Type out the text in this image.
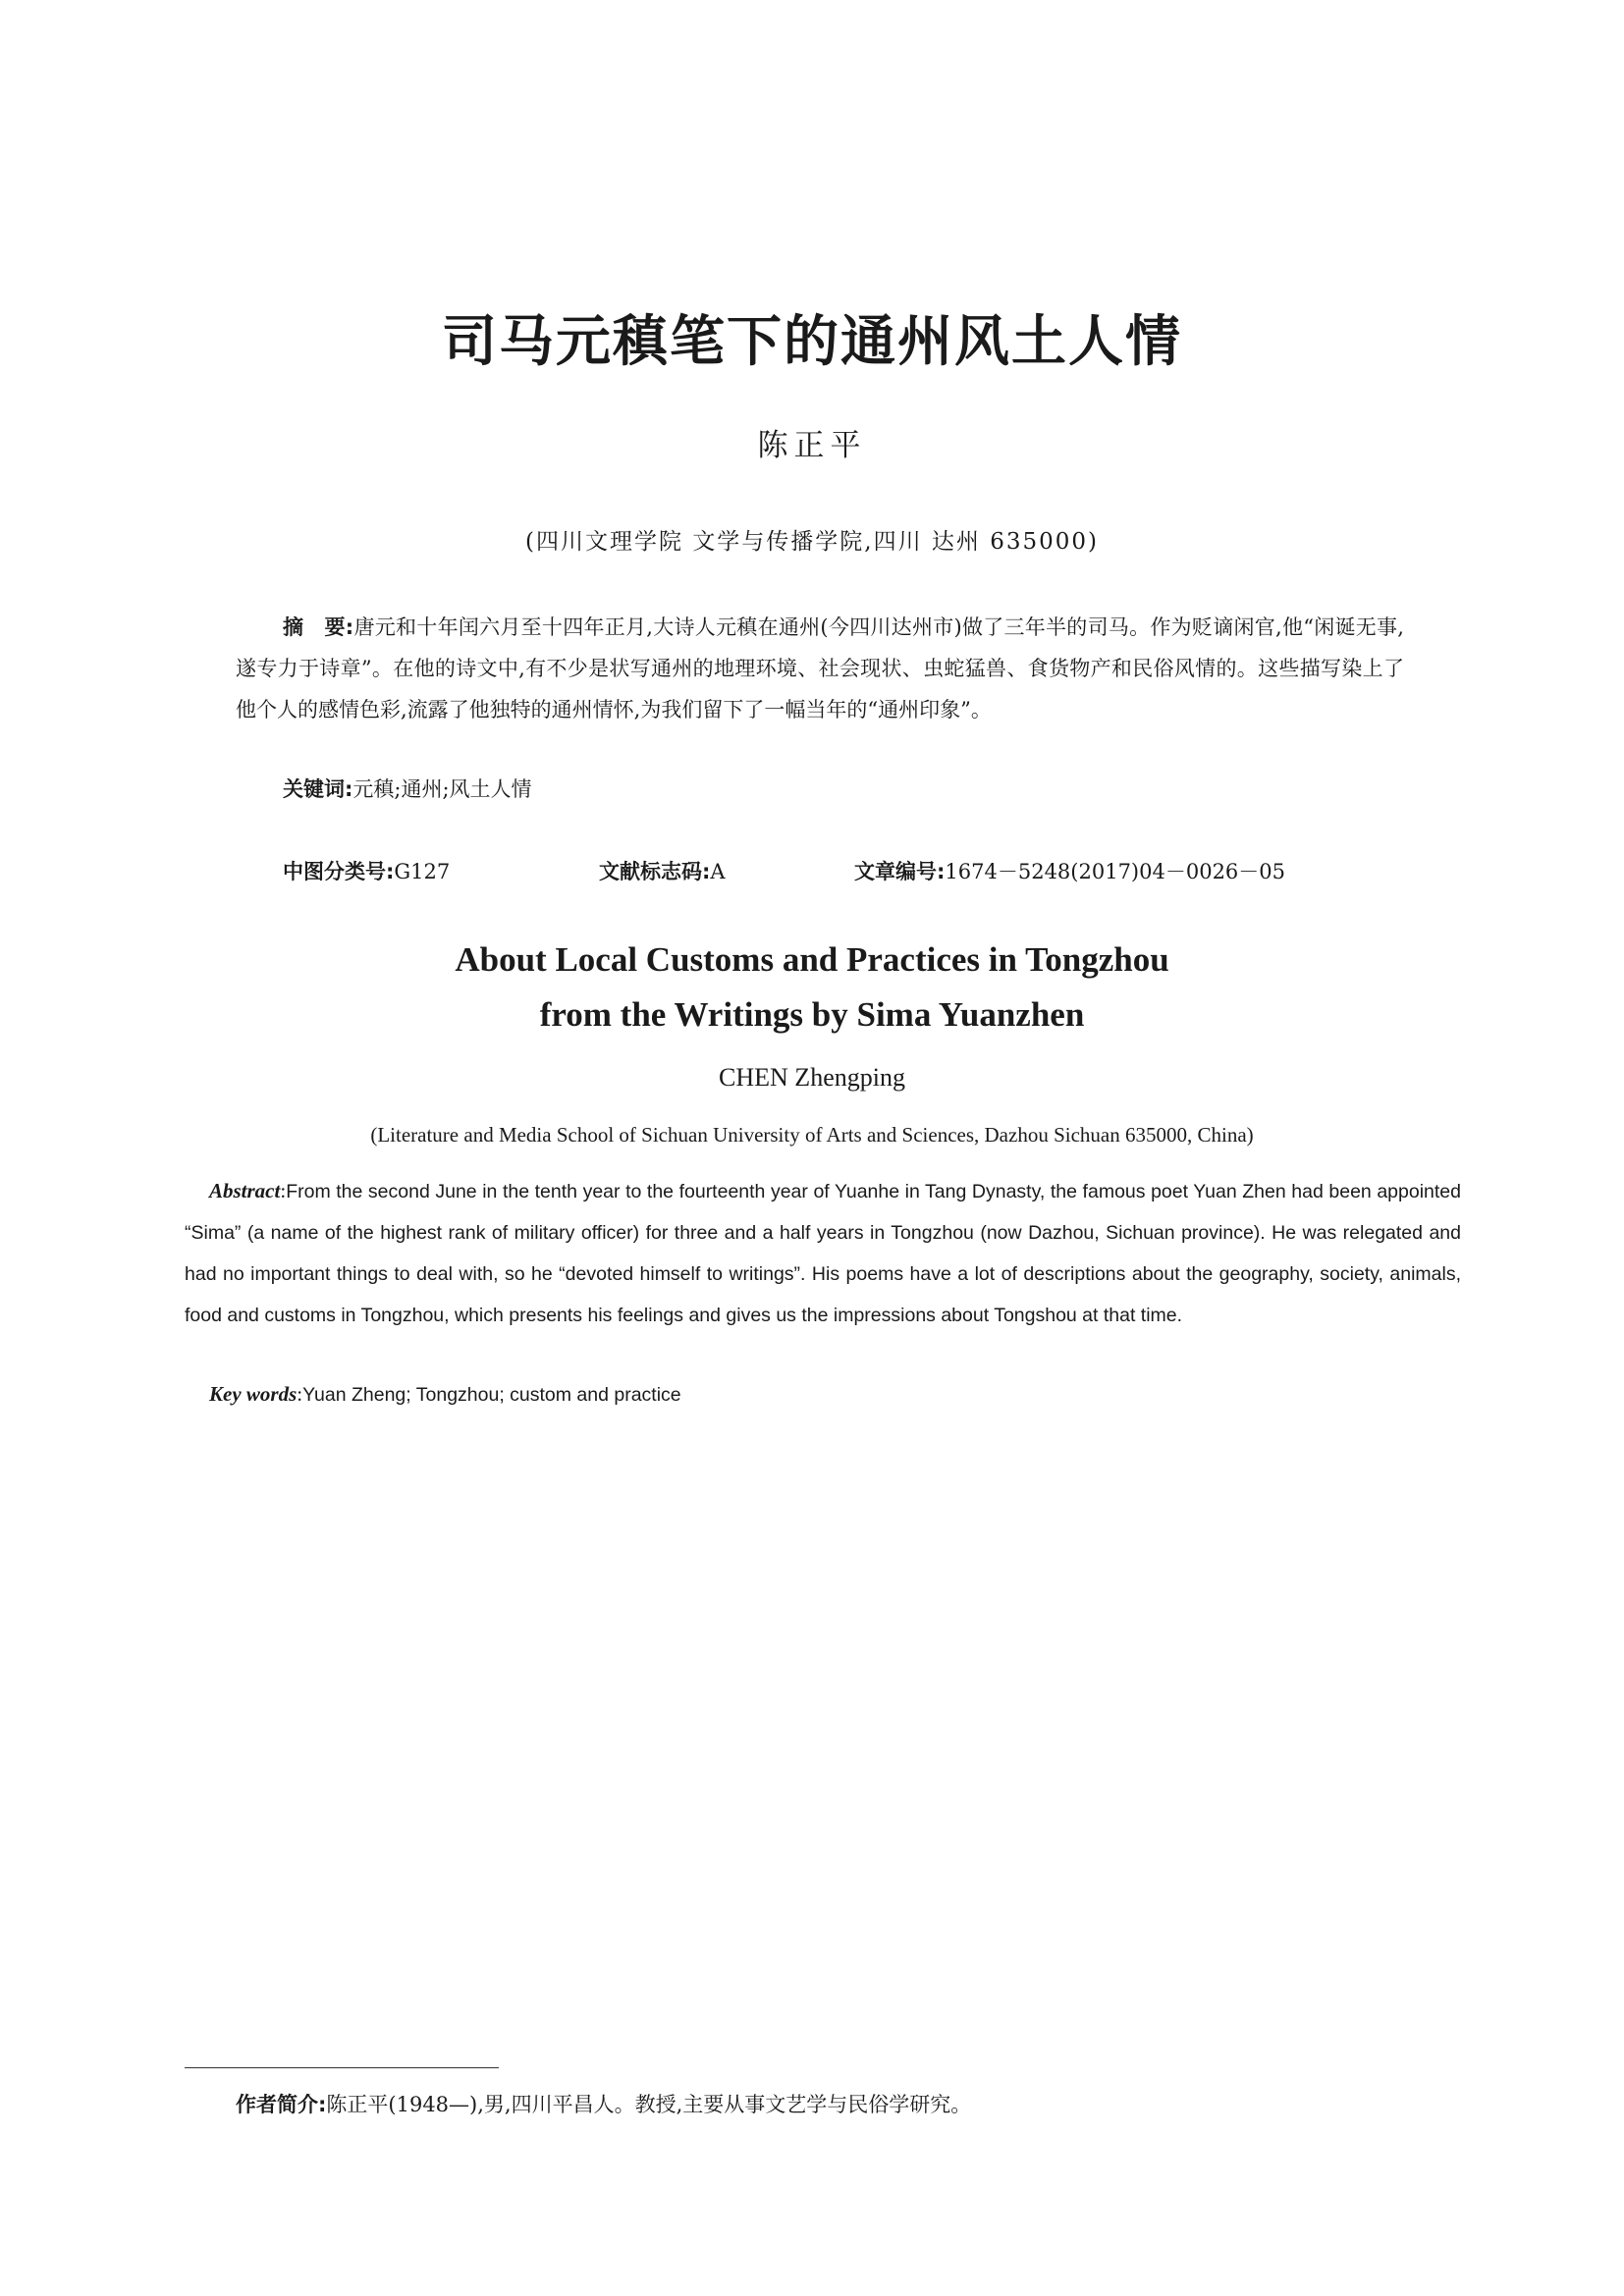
司马元稹笔下的通州风土人情
陈正平
(四川文理学院 文学与传播学院,四川 达州 635000)

摘　要:唐元和十年闰六月至十四年正月,大诗人元稹在通州(今四川达州市)做了三年半的司马。作为贬谪闲官,他“闲诞无事,遂专力于诗章”。在他的诗文中,有不少是状写通州的地理环境、社会现状、虫蛇猛兽、食货物产和民俗风情的。这些描写染上了他个人的感情色彩,流露了他独特的通州情怀,为我们留下了一幅当年的“通州印象”。

关键词:元稹;通州;风土人情

中图分类号:G127	文献标志码:A	文章编号:1674－5248(2017)04－0026－05
About Local Customs and Practices in Tongzhou
from the Writings by Sima Yuanzhen
CHEN Zhengping
(Literature and Media School of Sichuan University of Arts and Sciences, Dazhou Sichuan 635000, China)

Abstract:From the second June in the tenth year to the fourteenth year of Yuanhe in Tang Dynasty, the famous poet Yuan Zhen had been appointed “Sima” (a name of the highest rank of military officer) for three and a half years in Tongzhou (now Dazhou, Sichuan province). He was relegated and had no important things to deal with, so he “devoted himself to writings”. His poems have a lot of descriptions about the geography, society, animals, food and customs in Tongzhou, which presents his feelings and gives us the impressions about Tongshou at that time.

Key words:Yuan Zheng; Tongzhou; custom and practice

作者简介:陈正平(1948—),男,四川平昌人。教授,主要从事文艺学与民俗学研究。
